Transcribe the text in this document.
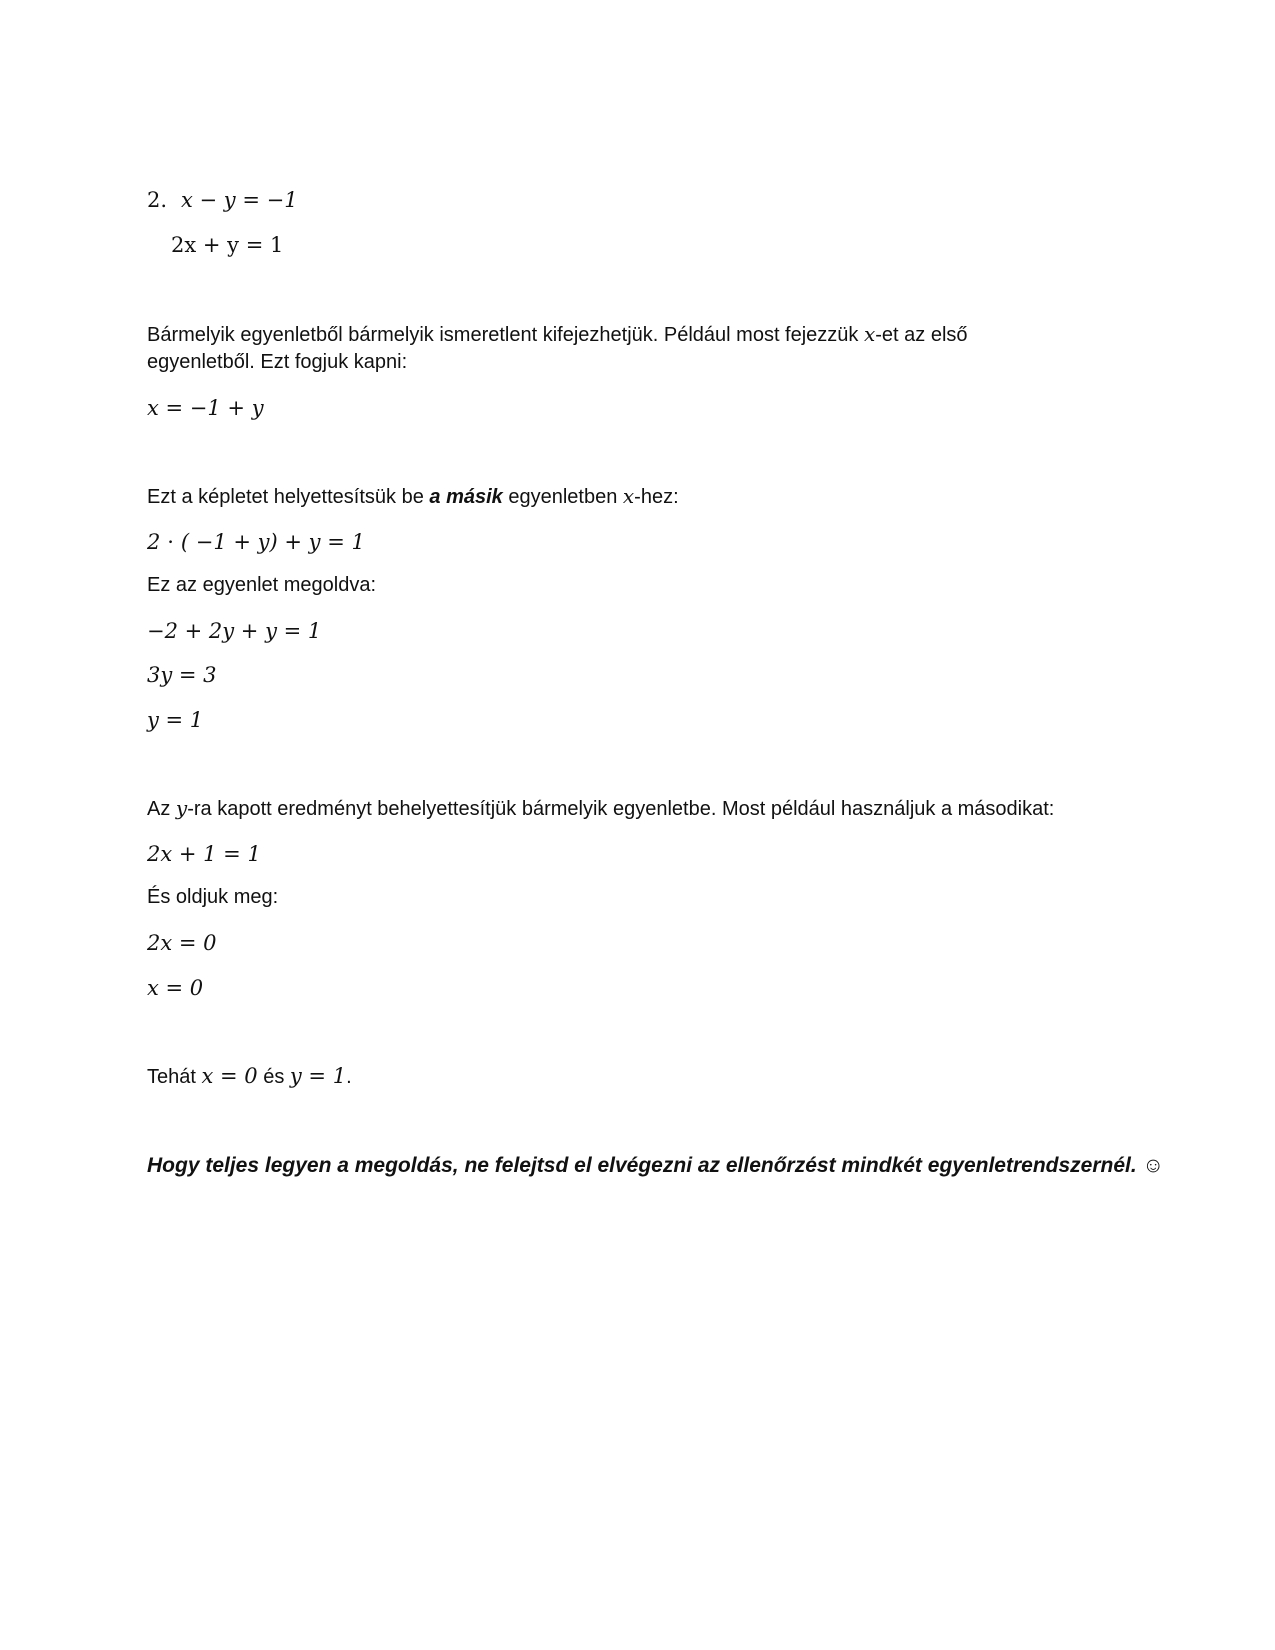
2. x − y = −1
2x + y = 1
Bármelyik egyenletből bármelyik ismeretlent kifejezhetjük. Például most fejezzük x-et az első
egyenletből. Ezt fogjuk kapni:
x = −1 + y
Ezt a képletet helyettesítsük be a másik egyenletben x-hez:
2 ⋅ ( −1 + y) + y = 1
Ez az egyenlet megoldva:
−2 + 2y + y = 1
3y = 3
y = 1
Az y-ra kapott eredményt behelyettesítjük bármelyik egyenletbe. Most például használjuk a másodikat:
2x + 1 = 1
És oldjuk meg:
2x = 0
x = 0
Tehát x = 0 és y = 1.
Hogy teljes legyen a megoldás, ne felejtsd el elvégezni az ellenőrzést mindkét egyenletrendszernél. ☺
